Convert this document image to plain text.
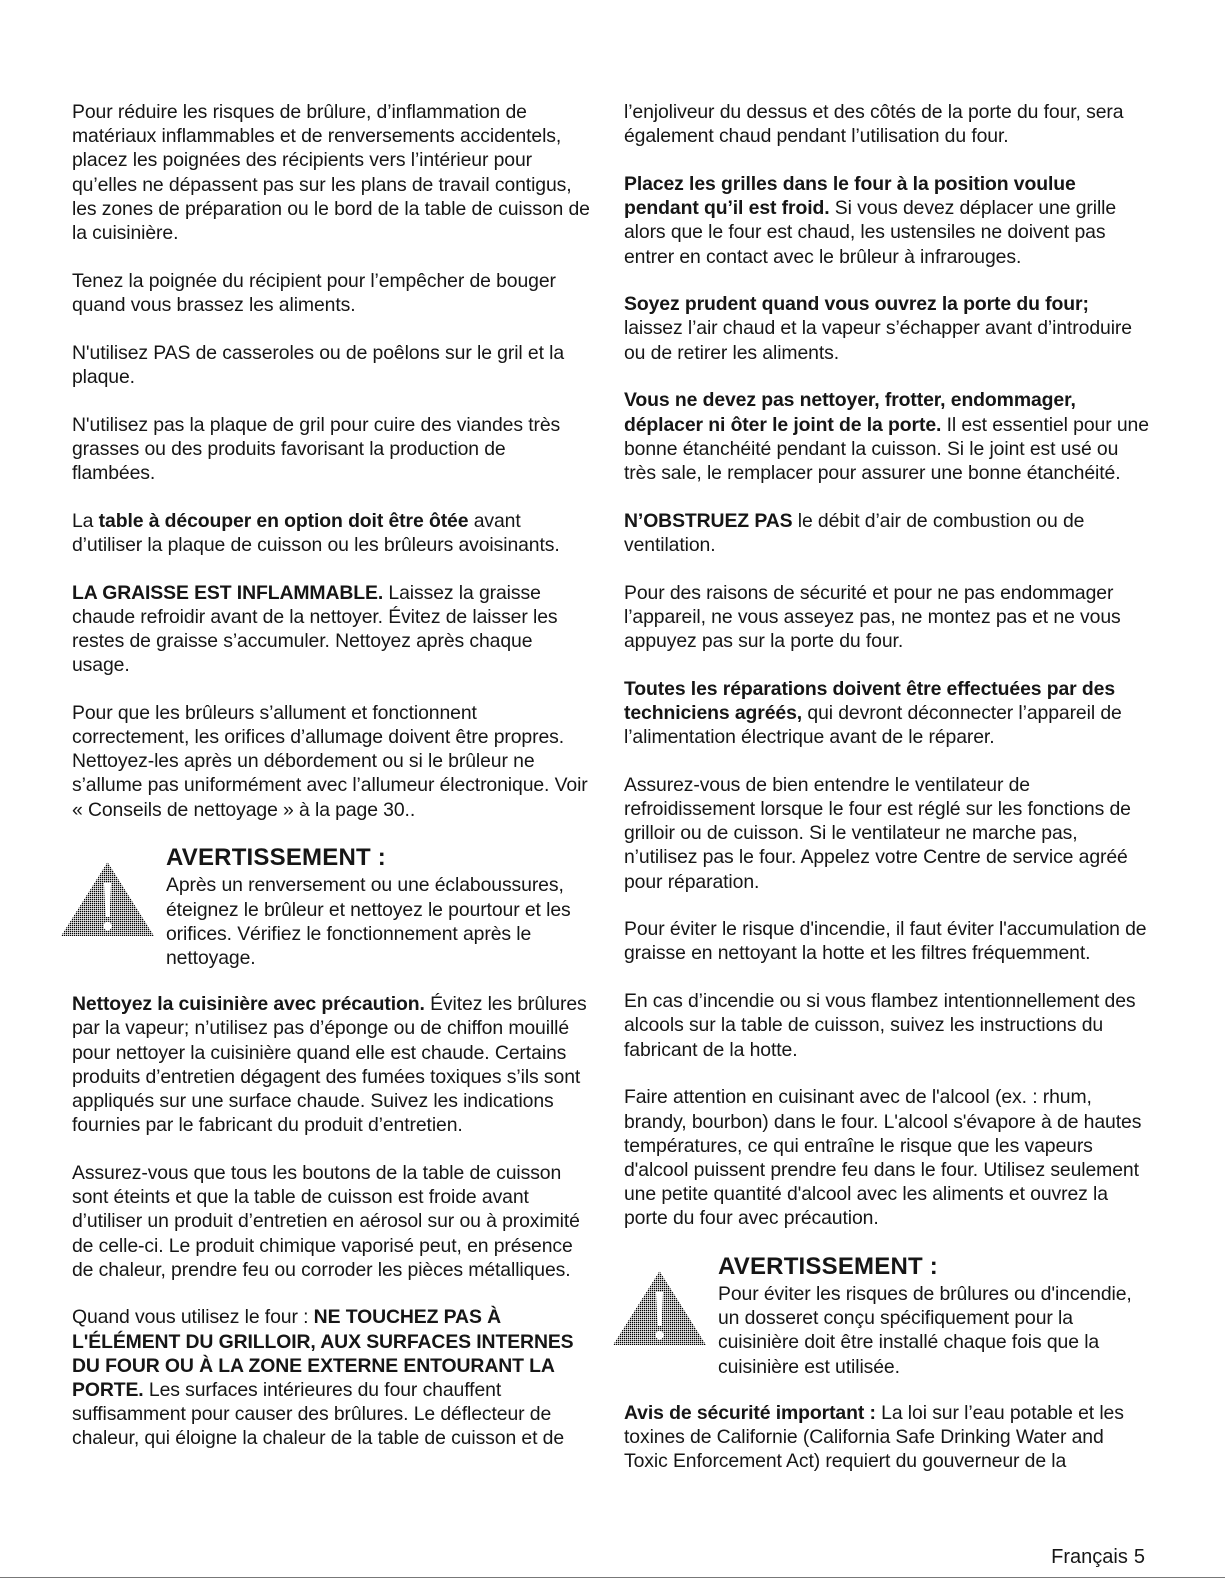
Pour réduire les risques de brûlure, d’inflammation de matériaux inflammables et de renversements accidentels, placez les poignées des récipients vers l’intérieur pour qu’elles ne dépassent pas sur les plans de travail contigus, les zones de préparation ou le bord de la table de cuisson de la cuisinière.

Tenez la poignée du récipient pour l’empêcher de bouger quand vous brassez les aliments.

N'utilisez PAS de casseroles ou de poêlons sur le gril et la plaque.

N'utilisez pas la plaque de gril pour cuire des viandes très grasses ou des produits favorisant la production de flambées.

La table à découper en option doit être ôtée avant d’utiliser la plaque de cuisson ou les brûleurs avoisinants.

LA GRAISSE EST INFLAMMABLE. Laissez la graisse chaude refroidir avant de la nettoyer. Évitez de laisser les restes de graisse s’accumuler. Nettoyez après chaque usage.

Pour que les brûleurs s’allument et fonctionnent correctement, les orifices d’allumage doivent être propres. Nettoyez-les après un débordement ou si le brûleur ne s’allume pas uniformément avec l’allumeur électronique. Voir « Conseils de nettoyage » à la page 30..

AVERTISSEMENT :
Après un renversement ou une éclaboussures, éteignez le brûleur et nettoyez le pourtour et les orifices. Vérifiez le fonctionnement après le nettoyage.

Nettoyez la cuisinière avec précaution. Évitez les brûlures par la vapeur; n’utilisez pas d’éponge ou de chiffon mouillé pour nettoyer la cuisinière quand elle est chaude. Certains produits d’entretien dégagent des fumées toxiques s’ils sont appliqués sur une surface chaude. Suivez les indications fournies par le fabricant du produit d’entretien.

Assurez-vous que tous les boutons de la table de cuisson sont éteints et que la table de cuisson est froide avant d’utiliser un produit d’entretien en aérosol sur ou à proximité de celle-ci. Le produit chimique vaporisé peut, en présence de chaleur, prendre feu ou corroder les pièces métalliques.

Quand vous utilisez le four : NE TOUCHEZ PAS À L'ÉLÉMENT DU GRILLOIR, AUX SURFACES INTERNES DU FOUR OU À LA ZONE EXTERNE ENTOURANT LA PORTE. Les surfaces intérieures du four chauffent suffisamment pour causer des brûlures. Le déflecteur de chaleur, qui éloigne la chaleur de la table de cuisson et de

l’enjoliveur du dessus et des côtés de la porte du four, sera également chaud pendant l’utilisation du four.

Placez les grilles dans le four à la position voulue pendant qu’il est froid. Si vous devez déplacer une grille alors que le four est chaud, les ustensiles ne doivent pas entrer en contact avec le brûleur à infrarouges.

Soyez prudent quand vous ouvrez la porte du four; laissez l’air chaud et la vapeur s’échapper avant d’introduire ou de retirer les aliments.

Vous ne devez pas nettoyer, frotter, endommager, déplacer ni ôter le joint de la porte. Il est essentiel pour une bonne étanchéité pendant la cuisson. Si le joint est usé ou très sale, le remplacer pour assurer une bonne étanchéité.

N’OBSTRUEZ PAS le débit d’air de combustion ou de ventilation.

Pour des raisons de sécurité et pour ne pas endommager l’appareil, ne vous asseyez pas, ne montez pas et ne vous appuyez pas sur la porte du four.

Toutes les réparations doivent être effectuées par des techniciens agréés, qui devront déconnecter l’appareil de l’alimentation électrique avant de le réparer.

Assurez-vous de bien entendre le ventilateur de refroidissement lorsque le four est réglé sur les fonctions de grilloir ou de cuisson. Si le ventilateur ne marche pas, n’utilisez pas le four. Appelez votre Centre de service agréé pour réparation.

Pour éviter le risque d'incendie, il faut éviter l'accumulation de graisse en nettoyant la hotte et les filtres fréquemment.

En cas d’incendie ou si vous flambez intentionnellement des alcools sur la table de cuisson, suivez les instructions du fabricant de la hotte.

Faire attention en cuisinant avec de l'alcool (ex. : rhum, brandy, bourbon) dans le four. L'alcool s'évapore à de hautes températures, ce qui entraîne le risque que les vapeurs d'alcool puissent prendre feu dans le four. Utilisez seulement une petite quantité d'alcool avec les aliments et ouvrez la porte du four avec précaution.

AVERTISSEMENT :
Pour éviter les risques de brûlures ou d'incendie, un dosseret conçu spécifiquement pour la cuisinière doit être installé chaque fois que la cuisinière est utilisée.

Avis de sécurité important : La loi sur l’eau potable et les toxines de Californie (California Safe Drinking Water and Toxic Enforcement Act) requiert du gouverneur de la

Français 5
